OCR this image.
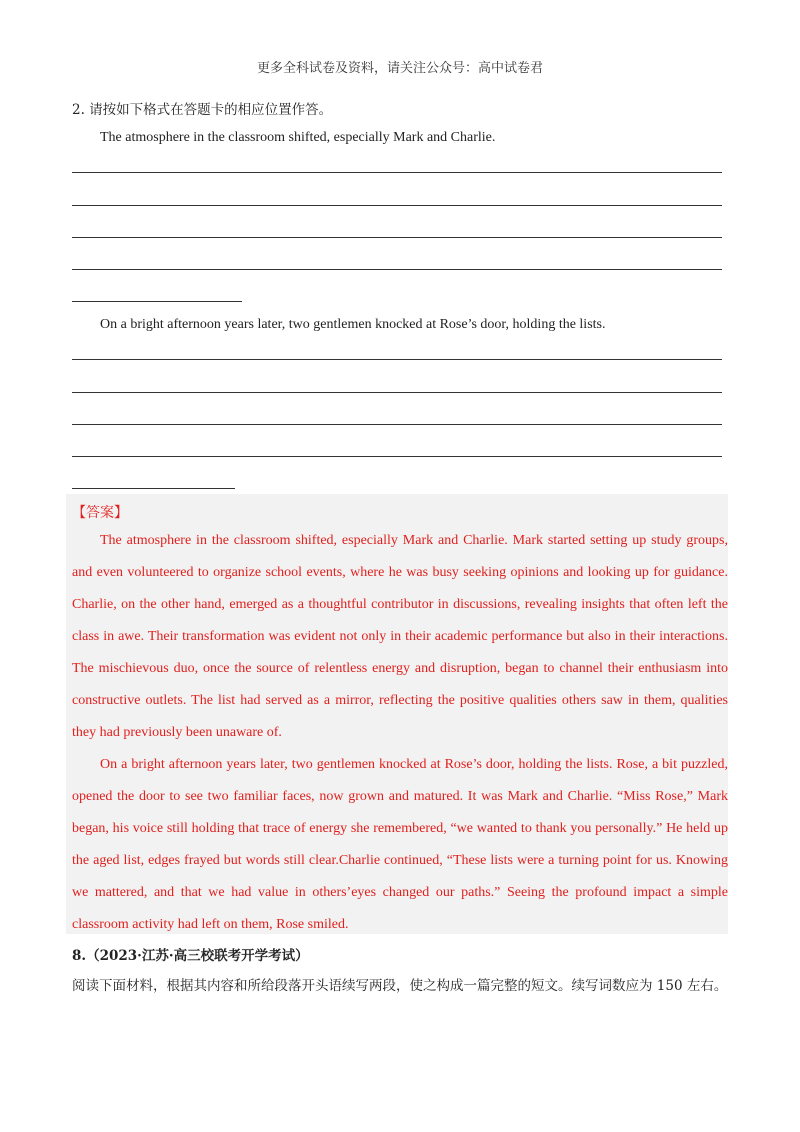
更多全科试卷及资料，请关注公众号：高中试卷君
2. 请按如下格式在答题卡的相应位置作答。
The atmosphere in the classroom shifted, especially Mark and Charlie.
On a bright afternoon years later, two gentlemen knocked at Rose’s door, holding the lists.
【答案】

The atmosphere in the classroom shifted, especially Mark and Charlie. Mark started setting up study groups, and even volunteered to organize school events, where he was busy seeking opinions and looking up for guidance. Charlie, on the other hand, emerged as a thoughtful contributor in discussions, revealing insights that often left the class in awe. Their transformation was evident not only in their academic performance but also in their interactions. The mischievous duo, once the source of relentless energy and disruption, began to channel their enthusiasm into constructive outlets. The list had served as a mirror, reflecting the positive qualities others saw in them, qualities they had previously been unaware of.

On a bright afternoon years later, two gentlemen knocked at Rose’s door, holding the lists. Rose, a bit puzzled, opened the door to see two familiar faces, now grown and matured. It was Mark and Charlie. “Miss Rose,” Mark began, his voice still holding that trace of energy she remembered, “we wanted to thank you personally.” He held up the aged list, edges frayed but words still clear.Charlie continued, “These lists were a turning point for us. Knowing we mattered, and that we had value in others’eyes changed our paths.” Seeing the profound impact a simple classroom activity had left on them, Rose smiled.

8.（2023·江苏·高三校联考开学考试）
阅读下面材料，根据其内容和所给段落开头语续写两段，使之构成一篇完整的短文。续写词数应为 150 左右。
